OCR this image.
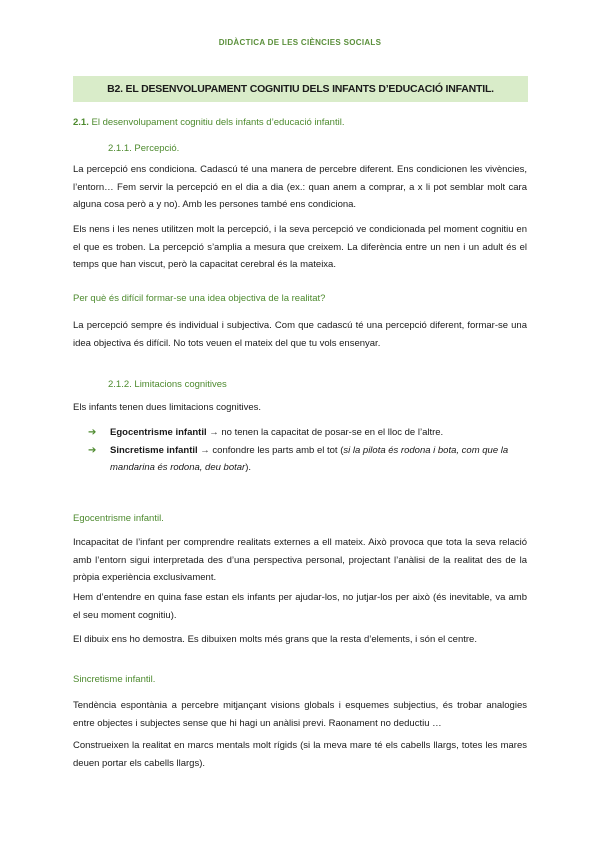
DIDÀCTICA DE LES CIÈNCIES SOCIALS
B2. EL DESENVOLUPAMENT COGNITIU DELS INFANTS D’EDUCACIÓ INFANTIL.
2.1. El desenvolupament cognitiu dels infants d’educació infantil.
2.1.1. Percepció.
La percepció ens condiciona. Cadascú té una manera de percebre diferent. Ens condicionen les vivències, l’entorn… Fem servir la percepció en el dia a dia (ex.: quan anem a comprar, a x li pot semblar molt cara alguna cosa però a y no). Amb les persones també ens condiciona.
Els nens i les nenes utilitzen molt la percepció, i la seva percepció ve condicionada pel moment cognitiu en el que es troben. La percepció s’amplia a mesura que creixem. La diferència entre un nen i un adult és el temps que han viscut, però la capacitat cerebral és la mateixa.
Per què és difícil formar-se una idea objectiva de la realitat?
La percepció sempre és individual i subjectiva. Com que cadascú té una percepció diferent, formar-se una idea objectiva és difícil. No tots veuen el mateix del que tu vols ensenyar.
2.1.2. Limitacions cognitives
Els infants tenen dues limitacions cognitives.
➔ Egocentrisme infantil → no tenen la capacitat de posar-se en el lloc de l’altre.
➔ Sincretisme infantil → confondre les parts amb el tot (si la pilota és rodona i bota, com que la mandarina és rodona, deu botar).
Egocentrisme infantil.
Incapacitat de l’infant per comprendre realitats externes a ell mateix. Això provoca que tota la seva relació amb l’entorn sigui interpretada des d’una perspectiva personal, projectant l’anàlisi de la realitat des de la pròpia experiència exclusivament.
Hem d’entendre en quina fase estan els infants per ajudar-los, no jutjar-los per això (és inevitable, va amb el seu moment cognitiu).
El dibuix ens ho demostra. Es dibuixen molts més grans que la resta d’elements, i són el centre.
Sincretisme infantil.
Tendència espontània a percebre mitjançant visions globals i esquemes subjectius, és trobar analogies entre objectes i subjectes sense que hi hagi un anàlisi previ. Raonament no deductiu …
Construeixen la realitat en marcs mentals molt rígids (si la meva mare té els cabells llargs, totes les mares deuen portar els cabells llargs).
